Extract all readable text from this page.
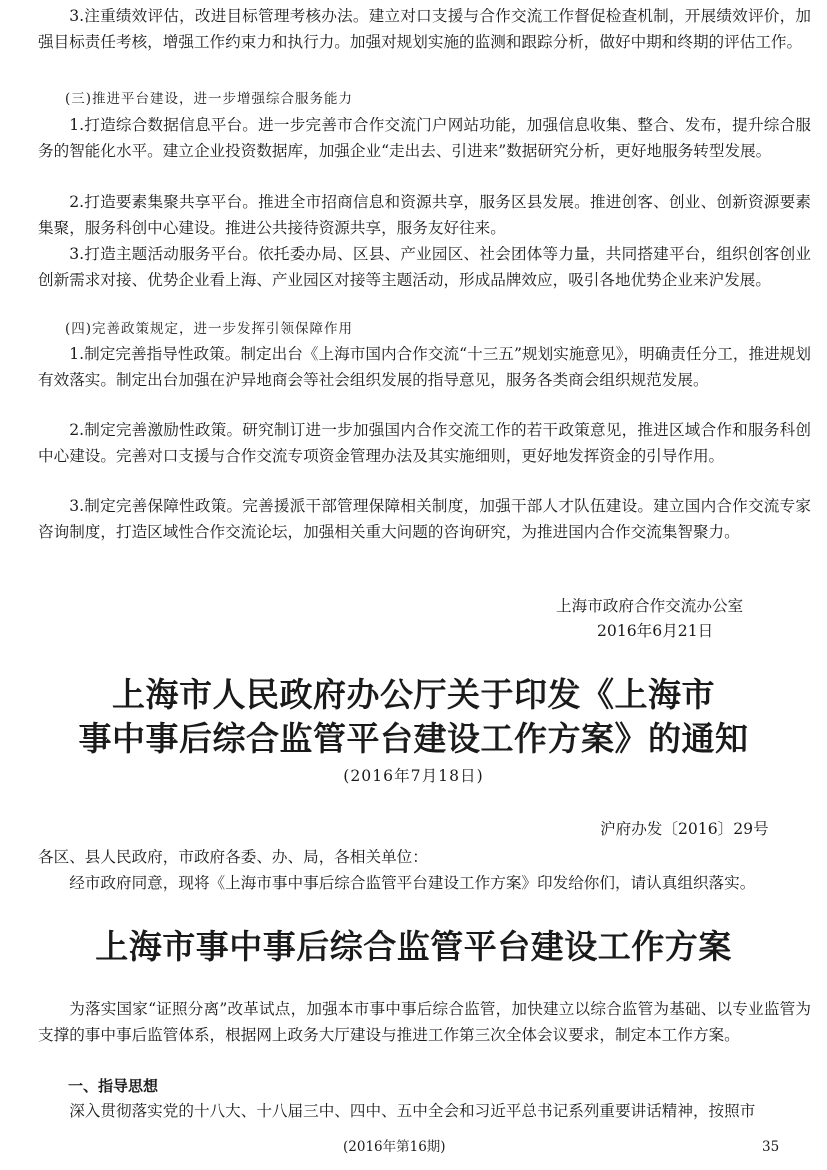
3.注重绩效评估，改进目标管理考核办法。建立对口支援与合作交流工作督促检查机制，开展绩效评价，加强目标责任考核，增强工作约束力和执行力。加强对规划实施的监测和跟踪分析，做好中期和终期的评估工作。

(三)推进平台建设，进一步增强综合服务能力

1.打造综合数据信息平台。进一步完善市合作交流门户网站功能，加强信息收集、整合、发布，提升综合服务的智能化水平。建立企业投资数据库，加强企业“走出去、引进来”数据研究分析，更好地服务转型发展。

2.打造要素集聚共享平台。推进全市招商信息和资源共享，服务区县发展。推进创客、创业、创新资源要素集聚，服务科创中心建设。推进公共接待资源共享，服务友好往来。

3.打造主题活动服务平台。依托委办局、区县、产业园区、社会团体等力量，共同搭建平台，组织创客创业创新需求对接、优势企业看上海、产业园区对接等主题活动，形成品牌效应，吸引各地优势企业来沪发展。

(四)完善政策规定，进一步发挥引领保障作用

1.制定完善指导性政策。制定出台《上海市国内合作交流“十三五”规划实施意见》，明确责任分工，推进规划有效落实。制定出台加强在沪异地商会等社会组织发展的指导意见，服务各类商会组织规范发展。

2.制定完善激励性政策。研究制订进一步加强国内合作交流工作的若干政策意见，推进区域合作和服务科创中心建设。完善对口支援与合作交流专项资金管理办法及其实施细则，更好地发挥资金的引导作用。

3.制定完善保障性政策。完善援派干部管理保障相关制度，加强干部人才队伍建设。建立国内合作交流专家咨询制度，打造区域性合作交流论坛，加强相关重大问题的咨询研究，为推进国内合作交流集智聚力。

上海市政府合作交流办公室

2016年6月21日

上海市人民政府办公厅关于印发《上海市
事中事后综合监管平台建设工作方案》的通知

(2016年7月18日)

沪府办发〔2016〕29号

各区、县人民政府，市政府各委、办、局，各相关单位：

经市政府同意，现将《上海市事中事后综合监管平台建设工作方案》印发给你们，请认真组织落实。

上海市事中事后综合监管平台建设工作方案

为落实国家“证照分离”改革试点，加强本市事中事后综合监管，加快建立以综合监管为基础、以专业监管为支撑的事中事后监管体系，根据网上政务大厅建设与推进工作第三次全体会议要求，制定本工作方案。

一、指导思想

深入贯彻落实党的十八大、十八届三中、四中、五中全会和习近平总书记系列重要讲话精神，按照市

(2016年第16期)	35
